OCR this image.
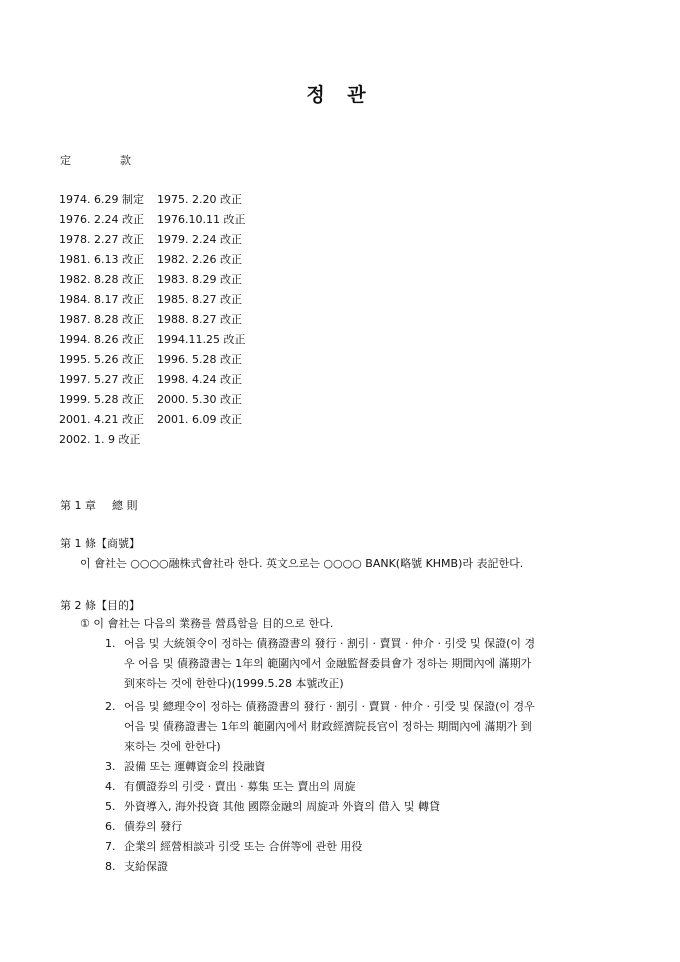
정 관
定	款
1974. 6.29 制定 1975. 2.20 改正
1976. 2.24 改正 1976.10.11 改正
1978. 2.27 改正 1979. 2.24 改正
1981. 6.13 改正 1982. 2.26 改正
1982. 8.28 改正 1983. 8.29 改正
1984. 8.17 改正 1985. 8.27 改正
1987. 8.28 改正 1988. 8.27 改正
1994. 8.26 改正 1994.11.25 改正
1995. 5.26 改正 1996. 5.28 改正
1997. 5.27 改正 1998. 4.24 改正
1999. 5.28 改正 2000. 5.30 改正
2001. 4.21 改正 2001. 6.09 改正
2002. 1. 9 改正
第 1 章 總 則
第 1 條【商號】
이 會社는 ○○○○融株式會社라 한다. 英文으로는 ○○○○ BANK(略號 KHMB)라 表記한다.
第 2 條【目的】
① 이 會社는 다음의 業務를 營爲함을 目的으로 한다.
1. 어음 및 大統領令이 정하는 債務證書의 發行 · 割引 · 賣買 · 仲介 · 引受 및 保證(이 경
우 어음 및 債務證書는 1年의 範圍內에서 金融監督委員會가 정하는 期間內에 滿期가
到來하는 것에 한한다)(1999.5.28 本號改正)
2. 어음 및 總理令이 정하는 債務證書의 發行 · 割引 · 賣買 · 仲介 · 引受 및 保證(이 경우
어음 및 債務證書는 1年의 範圍內에서 財政經濟院長官이 정하는 期間內에 滿期가 到
來하는 것에 한한다)
3. 設備 또는 運轉資金의 投融資
4. 有價證券의 引受 · 賣出 · 募集 또는 賣出의 周旋
5. 外資導入, 海外投資 其他 國際金融의 周旋과 外資의 借入 및 轉貸
6. 債券의 發行
7. 企業의 經營相談과 引受 또는 合倂等에 관한 用役
8. 支給保證
